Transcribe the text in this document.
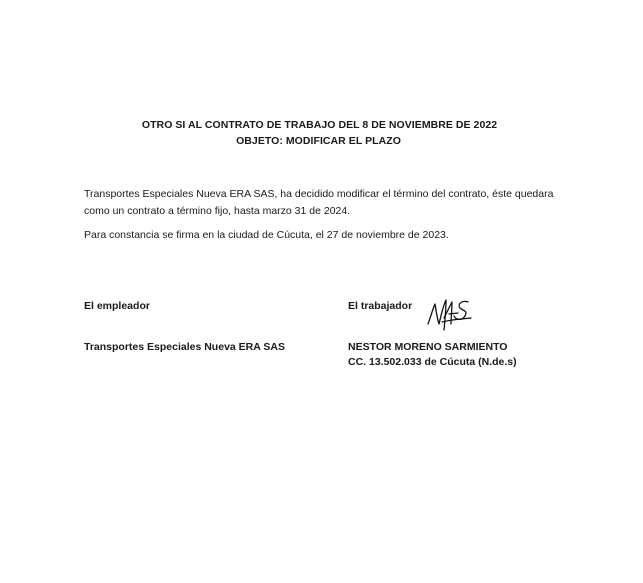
OTRO SI AL CONTRATO DE TRABAJO DEL 8 DE NOVIEMBRE DE 2022
OBJETO: MODIFICAR EL PLAZO
Transportes Especiales Nueva ERA SAS, ha decidido modificar el término del contrato, éste quedara como un contrato a término fijo, hasta marzo 31 de 2024.
Para constancia se firma en la ciudad de Cúcuta, el 27 de noviembre de 2023.
El empleador	El trabajador
Transportes Especiales Nueva ERA SAS	NESTOR MORENO SARMIENTO
CC. 13.502.033 de Cúcuta (N.de.s)
